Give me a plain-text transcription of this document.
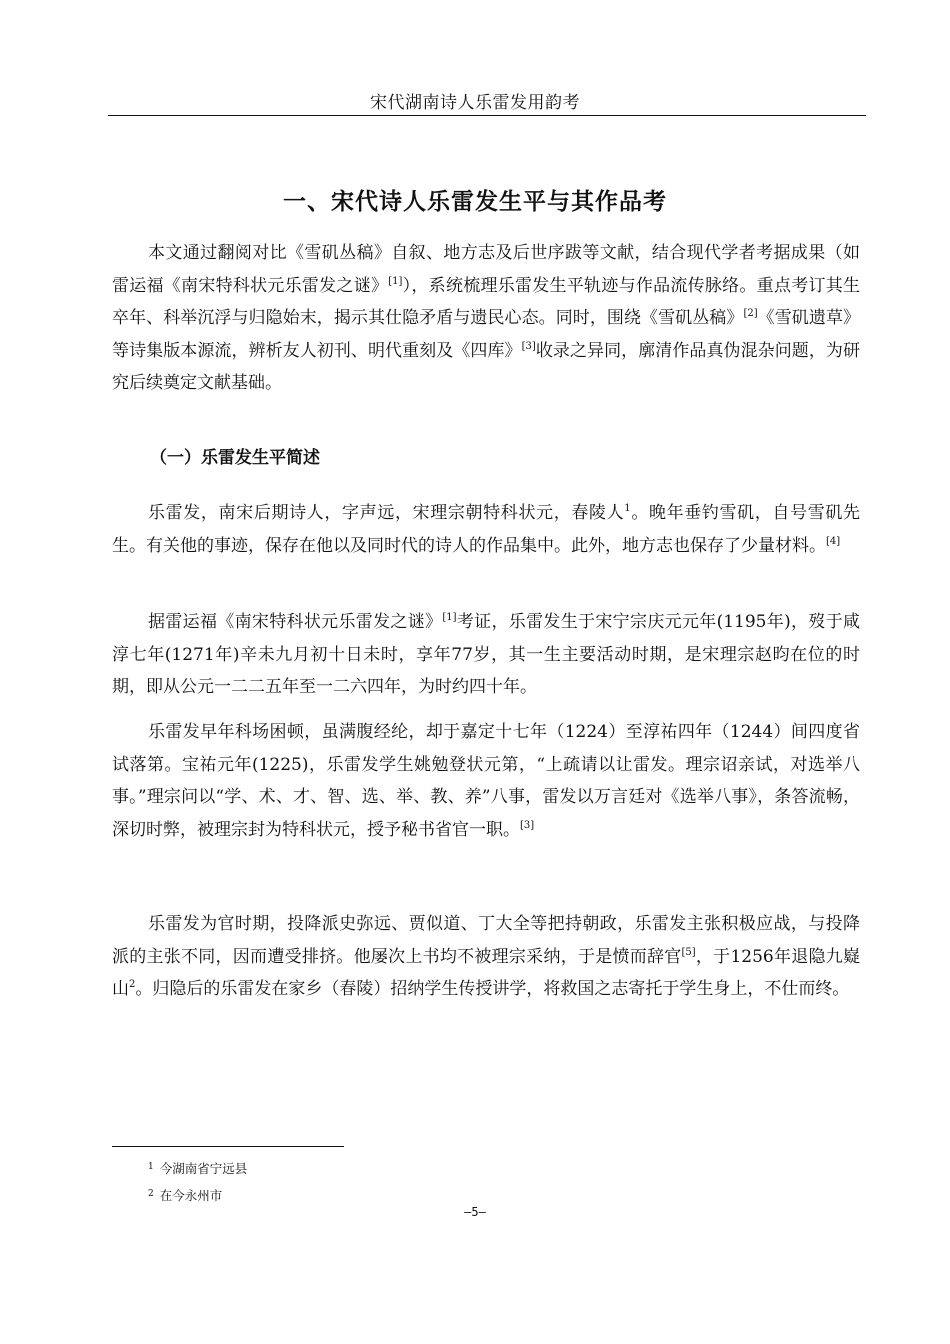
宋代湖南诗人乐雷发用韵考
一、宋代诗人乐雷发生平与其作品考

本文通过翻阅对比《雪矶丛稿》自叙、地方志及后世序跋等文献，结合现代学者考据成果（如雷运福《南宋特科状元乐雷发之谜》[1]），系统梳理乐雷发生平轨迹与作品流传脉络。重点考订其生卒年、科举沉浮与归隐始末，揭示其仕隐矛盾与遗民心态。同时，围绕《雪矶丛稿》[2]《雪矶遗草》等诗集版本源流，辨析友人初刊、明代重刻及《四库》[3]收录之异同，廓清作品真伪混杂问题，为研究后续奠定文献基础。

（一）乐雷发生平简述

乐雷发，南宋后期诗人，字声远，宋理宗朝特科状元，春陵人$^1$。晚年垂钓雪矶，自号雪矶先生。有关他的事迹，保存在他以及同时代的诗人的作品集中。此外，地方志也保存了少量材料。[4]

据雷运福《南宋特科状元乐雷发之谜》[1]考证，乐雷发生于宋宁宗庆元元年(1195年)，歿于咸淳七年(1271年)辛未九月初十日未时，享年77岁，其一生主要活动时期，是宋理宗赵昀在位的时期，即从公元一二二五年至一二六四年，为时约四十年。

乐雷发早年科场困顿，虽满腹经纶，却于嘉定十七年（1224）至淳祐四年（1244）间四度省试落第。宝祐元年(1225)，乐雷发学生姚勉登状元第，“上疏请以让雷发。理宗诏亲试，对选举八事。”理宗问以“学、术、才、智、选、举、教、养”八事，雷发以万言廷对《选举八事》，条答流畅，深切时弊，被理宗封为特科状元，授予秘书省官一职。[3]

乐雷发为官时期，投降派史弥远、贾似道、丁大全等把持朝政，乐雷发主张积极应战，与投降派的主张不同，因而遭受排挤。他屡次上书均不被理宗采纳，于是愤而辞官[5]，于1256年退隐九嶷山$^2$。归隐后的乐雷发在家乡（春陵）招纳学生传授讲学，将救国之志寄托于学生身上，不仕而终。

$^1$ 今湖南省宁远县
$^2$ 在今永州市
—5—
